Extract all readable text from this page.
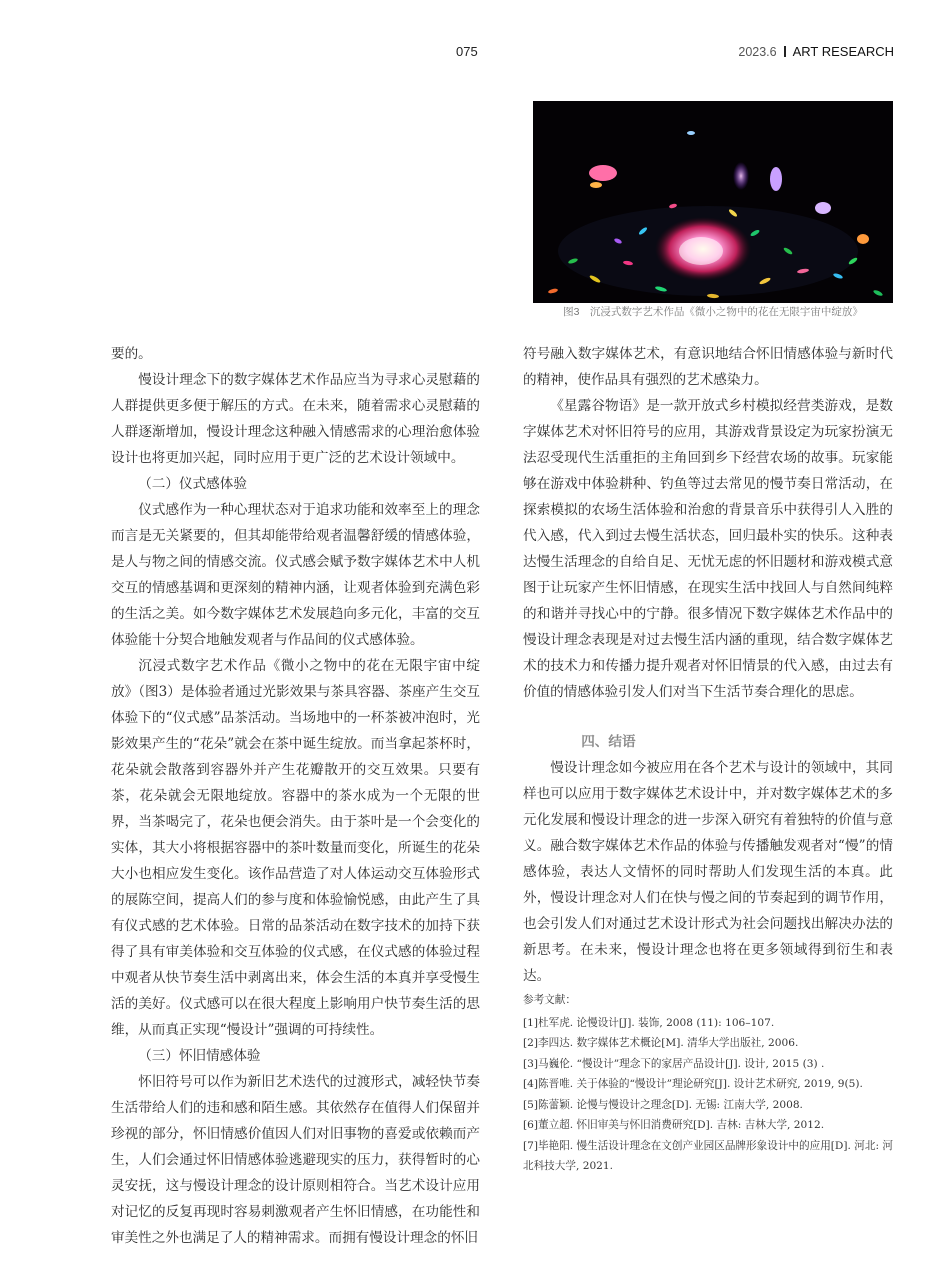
075	2023.6 ART RESEARCH
图3　沉浸式数字艺术作品《微小之物中的花在无限宇宙中绽放》

要的。

慢设计理念下的数字媒体艺术作品应当为寻求心灵慰藉的人群提供更多便于解压的方式。在未来，随着需求心灵慰藉的人群逐渐增加，慢设计理念这种融入情感需求的心理治愈体验设计也将更加兴起，同时应用于更广泛的艺术设计领域中。

（二）仪式感体验

仪式感作为一种心理状态对于追求功能和效率至上的理念而言是无关紧要的，但其却能带给观者温馨舒缓的情感体验，是人与物之间的情感交流。仪式感会赋予数字媒体艺术中人机交互的情感基调和更深刻的精神内涵，让观者体验到充满色彩的生活之美。如今数字媒体艺术发展趋向多元化，丰富的交互体验能十分契合地触发观者与作品间的仪式感体验。

沉浸式数字艺术作品《微小之物中的花在无限宇宙中绽放》（图3）是体验者通过光影效果与茶具容器、茶座产生交互体验下的“仪式感”品茶活动。当场地中的一杯茶被冲泡时，光影效果产生的“花朵”就会在茶中诞生绽放。而当拿起茶杯时，花朵就会散落到容器外并产生花瓣散开的交互效果。只要有茶，花朵就会无限地绽放。容器中的茶水成为一个无限的世界，当茶喝完了，花朵也便会消失。由于茶叶是一个会变化的实体，其大小将根据容器中的茶叶数量而变化，所诞生的花朵大小也相应发生变化。该作品营造了对人体运动交互体验形式的展陈空间，提高人们的参与度和体验愉悦感，由此产生了具有仪式感的艺术体验。日常的品茶活动在数字技术的加持下获得了具有审美体验和交互体验的仪式感，在仪式感的体验过程中观者从快节奏生活中剥离出来，体会生活的本真并享受慢生活的美好。仪式感可以在很大程度上影响用户快节奏生活的思维，从而真正实现“慢设计”强调的可持续性。

（三）怀旧情感体验

怀旧符号可以作为新旧艺术迭代的过渡形式，减轻快节奏生活带给人们的违和感和陌生感。其依然存在值得人们保留并珍视的部分，怀旧情感价值因人们对旧事物的喜爱或依赖而产生，人们会通过怀旧情感体验逃避现实的压力，获得暂时的心灵安抚，这与慢设计理念的设计原则相符合。当艺术设计应用对记忆的反复再现时容易刺激观者产生怀旧情感，在功能性和审美性之外也满足了人的精神需求。而拥有慢设计理念的怀旧

符号融入数字媒体艺术，有意识地结合怀旧情感体验与新时代的精神，使作品具有强烈的艺术感染力。

《星露谷物语》是一款开放式乡村模拟经营类游戏，是数字媒体艺术对怀旧符号的应用，其游戏背景设定为玩家扮演无法忍受现代生活重拒的主角回到乡下经营农场的故事。玩家能够在游戏中体验耕种、钓鱼等过去常见的慢节奏日常活动，在探索模拟的农场生活体验和治愈的背景音乐中获得引人入胜的代入感，代入到过去慢生活状态，回归最朴实的快乐。这种表达慢生活理念的自给自足、无忧无虑的怀旧题材和游戏模式意图于让玩家产生怀旧情感，在现实生活中找回人与自然间纯粹的和谐并寻找心中的宁静。很多情况下数字媒体艺术作品中的慢设计理念表现是对过去慢生活内涵的重现，结合数字媒体艺术的技术力和传播力提升观者对怀旧情景的代入感，由过去有价值的情感体验引发人们对当下生活节奏合理化的思虑。

四、结语

慢设计理念如今被应用在各个艺术与设计的领域中，其同样也可以应用于数字媒体艺术设计中，并对数字媒体艺术的多元化发展和慢设计理念的进一步深入研究有着独特的价值与意义。融合数字媒体艺术作品的体验与传播触发观者对“慢”的情感体验，表达人文情怀的同时帮助人们发现生活的本真。此外，慢设计理念对人们在快与慢之间的节奏起到的调节作用，也会引发人们对通过艺术设计形式为社会问题找出解决办法的新思考。在未来，慢设计理念也将在更多领域得到衍生和表达。

参考文献：
[1]杜军虎. 论慢设计[J]. 装饰, 2008 (11): 106–107.
[2]李四达. 数字媒体艺术概论[M]. 清华大学出版社, 2006.
[3]马巍伦. “慢设计”理念下的家居产品设计[J]. 设计, 2015 (3) .
[4]陈晋唯. 关于体验的“慢设计”理论研究[J]. 设计艺术研究, 2019, 9(5).
[5]陈蕾颖. 论慢与慢设计之理念[D]. 无锡: 江南大学, 2008.
[6]董立超. 怀旧审美与怀旧消费研究[D]. 吉林: 吉林大学, 2012.
[7]毕艳阳. 慢生活设计理念在文创产业园区品牌形象设计中的应用[D]. 河北: 河北科技大学, 2021.
